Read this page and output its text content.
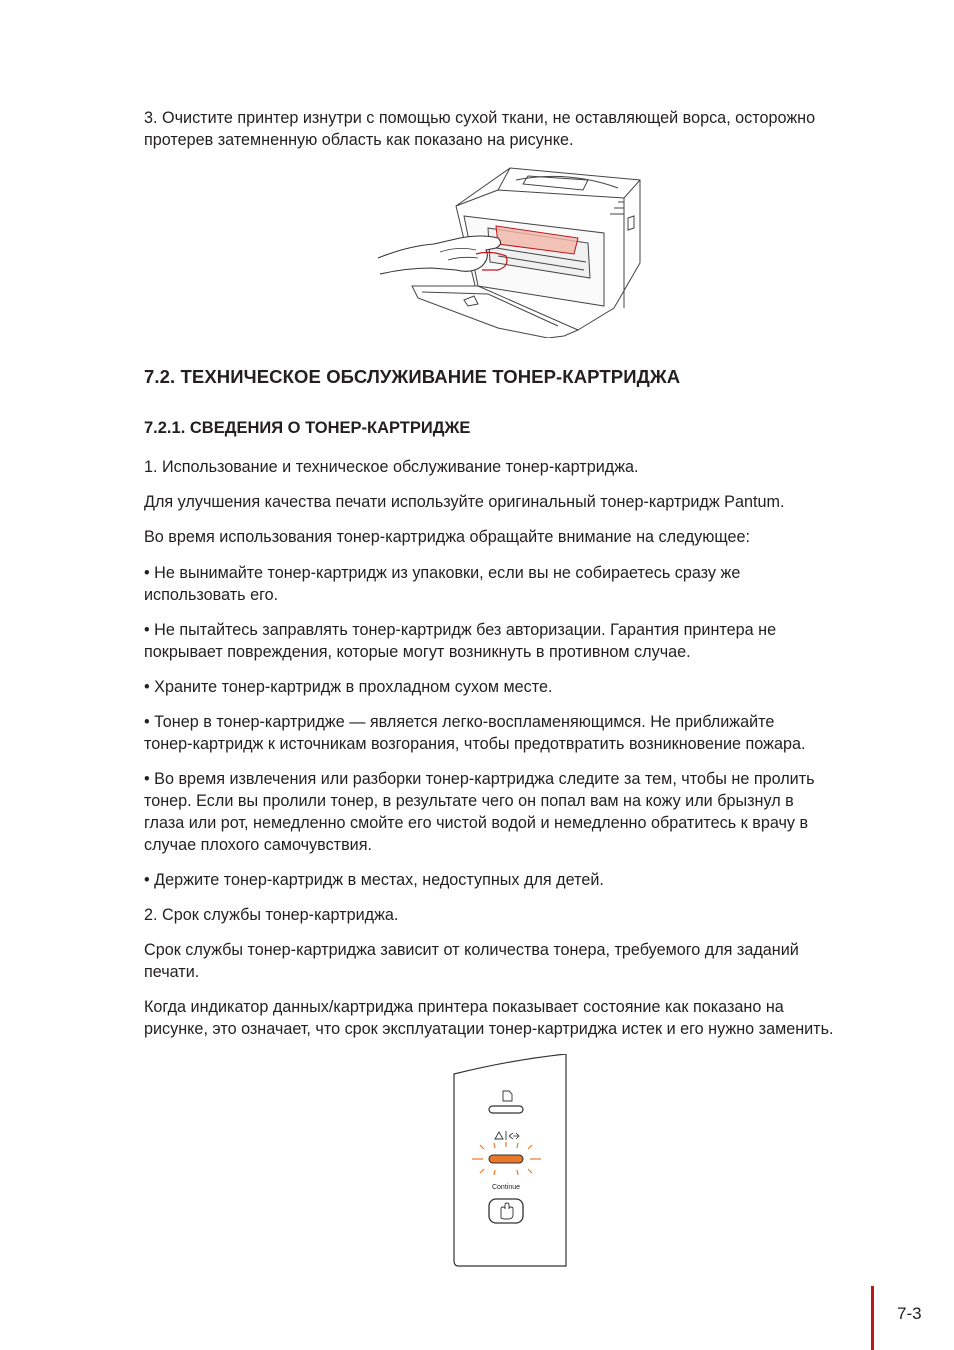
3. Очистите принтер изнутри с помощью сухой ткани, не оставляющей ворса, осторожно

протерев затемненную область как показано на рисунке.

7.2. ТЕХНИЧЕСКОЕ ОБСЛУЖИВАНИЕ ТОНЕР-КАРТРИДЖА
7.2.1. СВЕДЕНИЯ О ТОНЕР-КАРТРИДЖЕ

1. Использование и техническое обслуживание тонер-картриджа.

Для улучшения качества печати используйте оригинальный тонер-картридж Pantum.

Во время использования тонер-картриджа обращайте внимание на следующее:

• Не вынимайте тонер-картридж из упаковки, если вы не собираетесь сразу же

использовать его.

• Не пытайтесь заправлять тонер-картридж без авторизации. Гарантия принтера не

покрывает повреждения, которые могут возникнуть в противном случае.

• Храните тонер-картридж в прохладном сухом месте.

• Тонер в тонер-картридже — является легко-воспламеняющимся. Не приближайте

тонер-картридж к источникам возгорания, чтобы предотвратить возникновение пожара.

• Во время извлечения или разборки тонер-картриджа следите за тем, чтобы не пролить

тонер. Если вы пролили тонер, в результате чего он попал вам на кожу или брызнул в

глаза или рот, немедленно смойте его чистой водой и немедленно обратитесь к врачу в

случае плохого самочувствия.

• Держите тонер-картридж в местах, недоступных для детей.

2. Срок службы тонер-картриджа.

Срок службы тонер-картриджа зависит от количества тонера, требуемого для заданий

печати.

Когда индикатор данных/картриджа принтера показывает состояние как показано на

рисунке, это означает, что срок эксплуатации тонер-картриджа истек и его нужно заменить.

Continue
7-3
